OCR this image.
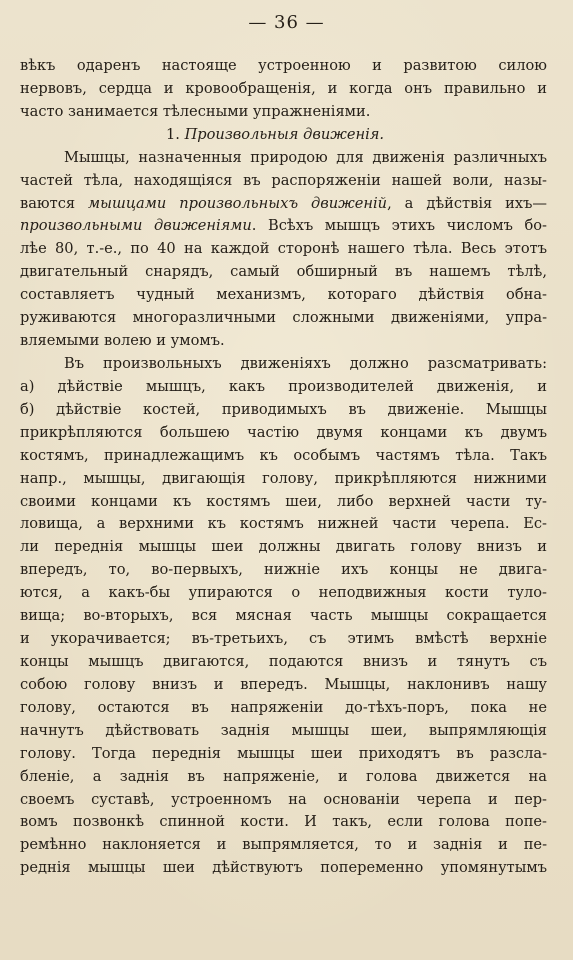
— 36 —
вѣкъ одаренъ настояще устроенною и развитою силою
нервовъ, сердца и кровообращенія, и когда онъ правильно и
часто занимается тѣлесными упражненіями.
1. Произвольныя движенія.
Мышцы, назначенныя природою для движенія различныхъ
частей тѣла, находящіяся въ распоряженіи нашей воли, назы-
ваются мышцами произвольныхъ движеній, а дѣйствія ихъ—
произвольными движеніями. Всѣхъ мышцъ этихъ числомъ бо-
лѣе 80, т.-е., по 40 на каждой сторонѣ нашего тѣла. Весь этотъ
двигательный снарядъ, самый обширный въ нашемъ тѣлѣ,
составляетъ чудный механизмъ, котораго дѣйствія обна-
руживаются многоразличными сложными движеніями, упра-
вляемыми волею и умомъ.
Въ произвольныхъ движеніяхъ должно разсматривать:
а) дѣйствіе мышцъ, какъ производителей движенія, и
б) дѣйствіе костей, приводимыхъ въ движеніе. Мышцы
прикрѣпляются большею частію двумя концами къ двумъ
костямъ, принадлежащимъ къ особымъ частямъ тѣла. Такъ
напр., мышцы, двигающія голову, прикрѣпляются нижними
своими концами къ костямъ шеи, либо верхней части ту-
ловища, а верхними къ костямъ нижней части черепа. Ес-
ли переднія мышцы шеи должны двигать голову внизъ и
впередъ, то, во-первыхъ, нижніе ихъ концы не двига-
ются, а какъ-бы упираются о неподвижныя кости туло-
вища; во-вторыхъ, вся мясная часть мышцы сокращается
и укорачивается; въ-третьихъ, съ этимъ вмѣстѣ верхніе
концы мышцъ двигаются, подаются внизъ и тянутъ съ
собою голову внизъ и впередъ. Мышцы, наклонивъ нашу
голову, остаются въ напряженіи до-тѣхъ-поръ, пока не
начнутъ дѣйствовать заднія мышцы шеи, выпрямляющія
голову. Тогда переднія мышцы шеи приходятъ въ разсла-
бленіе, а заднія въ напряженіе, и голова движется на
своемъ суставѣ, устроенномъ на основаніи черепа и пер-
вомъ позвонкѣ спинной кости. И такъ, если голова попе-
ремѣнно наклоняется и выпрямляется, то и заднія и пе-
реднія мышцы шеи дѣйствуютъ попеременно упомянутымъ
